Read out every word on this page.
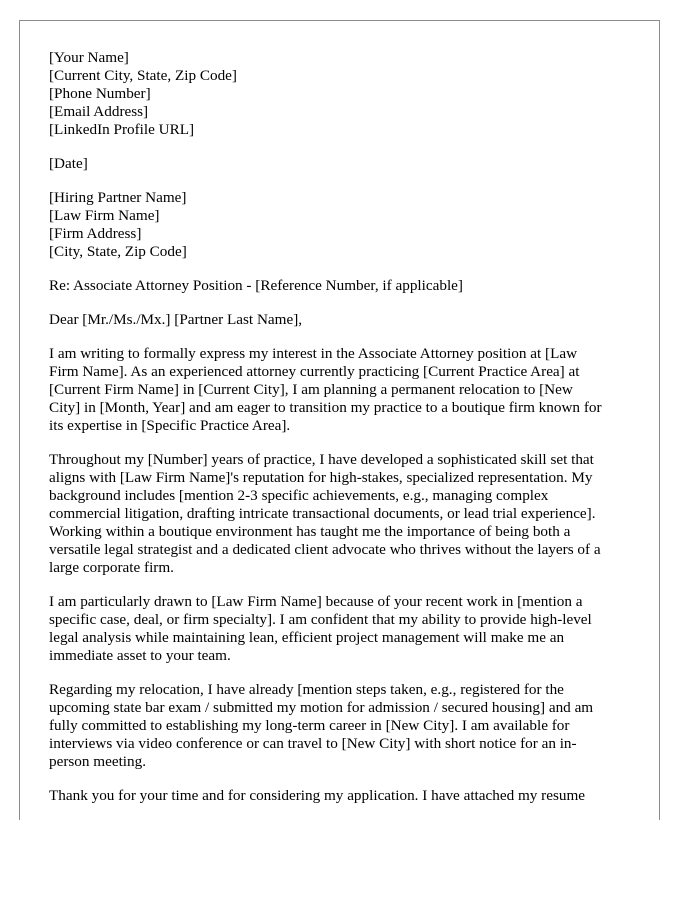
[Your Name]
[Current City, State, Zip Code]
[Phone Number]
[Email Address]
[LinkedIn Profile URL]
[Date]
[Hiring Partner Name]
[Law Firm Name]
[Firm Address]
[City, State, Zip Code]
Re: Associate Attorney Position - [Reference Number, if applicable]
Dear [Mr./Ms./Mx.] [Partner Last Name],
I am writing to formally express my interest in the Associate Attorney position at [Law
Firm Name]. As an experienced attorney currently practicing [Current Practice Area] at
[Current Firm Name] in [Current City], I am planning a permanent relocation to [New
City] in [Month, Year] and am eager to transition my practice to a boutique firm known for
its expertise in [Specific Practice Area].
Throughout my [Number] years of practice, I have developed a sophisticated skill set that
aligns with [Law Firm Name]'s reputation for high-stakes, specialized representation. My
background includes [mention 2-3 specific achievements, e.g., managing complex
commercial litigation, drafting intricate transactional documents, or lead trial experience].
Working within a boutique environment has taught me the importance of being both a
versatile legal strategist and a dedicated client advocate who thrives without the layers of a
large corporate firm.
I am particularly drawn to [Law Firm Name] because of your recent work in [mention a
specific case, deal, or firm specialty]. I am confident that my ability to provide high-level
legal analysis while maintaining lean, efficient project management will make me an
immediate asset to your team.
Regarding my relocation, I have already [mention steps taken, e.g., registered for the
upcoming state bar exam / submitted my motion for admission / secured housing] and am
fully committed to establishing my long-term career in [New City]. I am available for
interviews via video conference or can travel to [New City] with short notice for an in-
person meeting.
Thank you for your time and for considering my application. I have attached my resume
